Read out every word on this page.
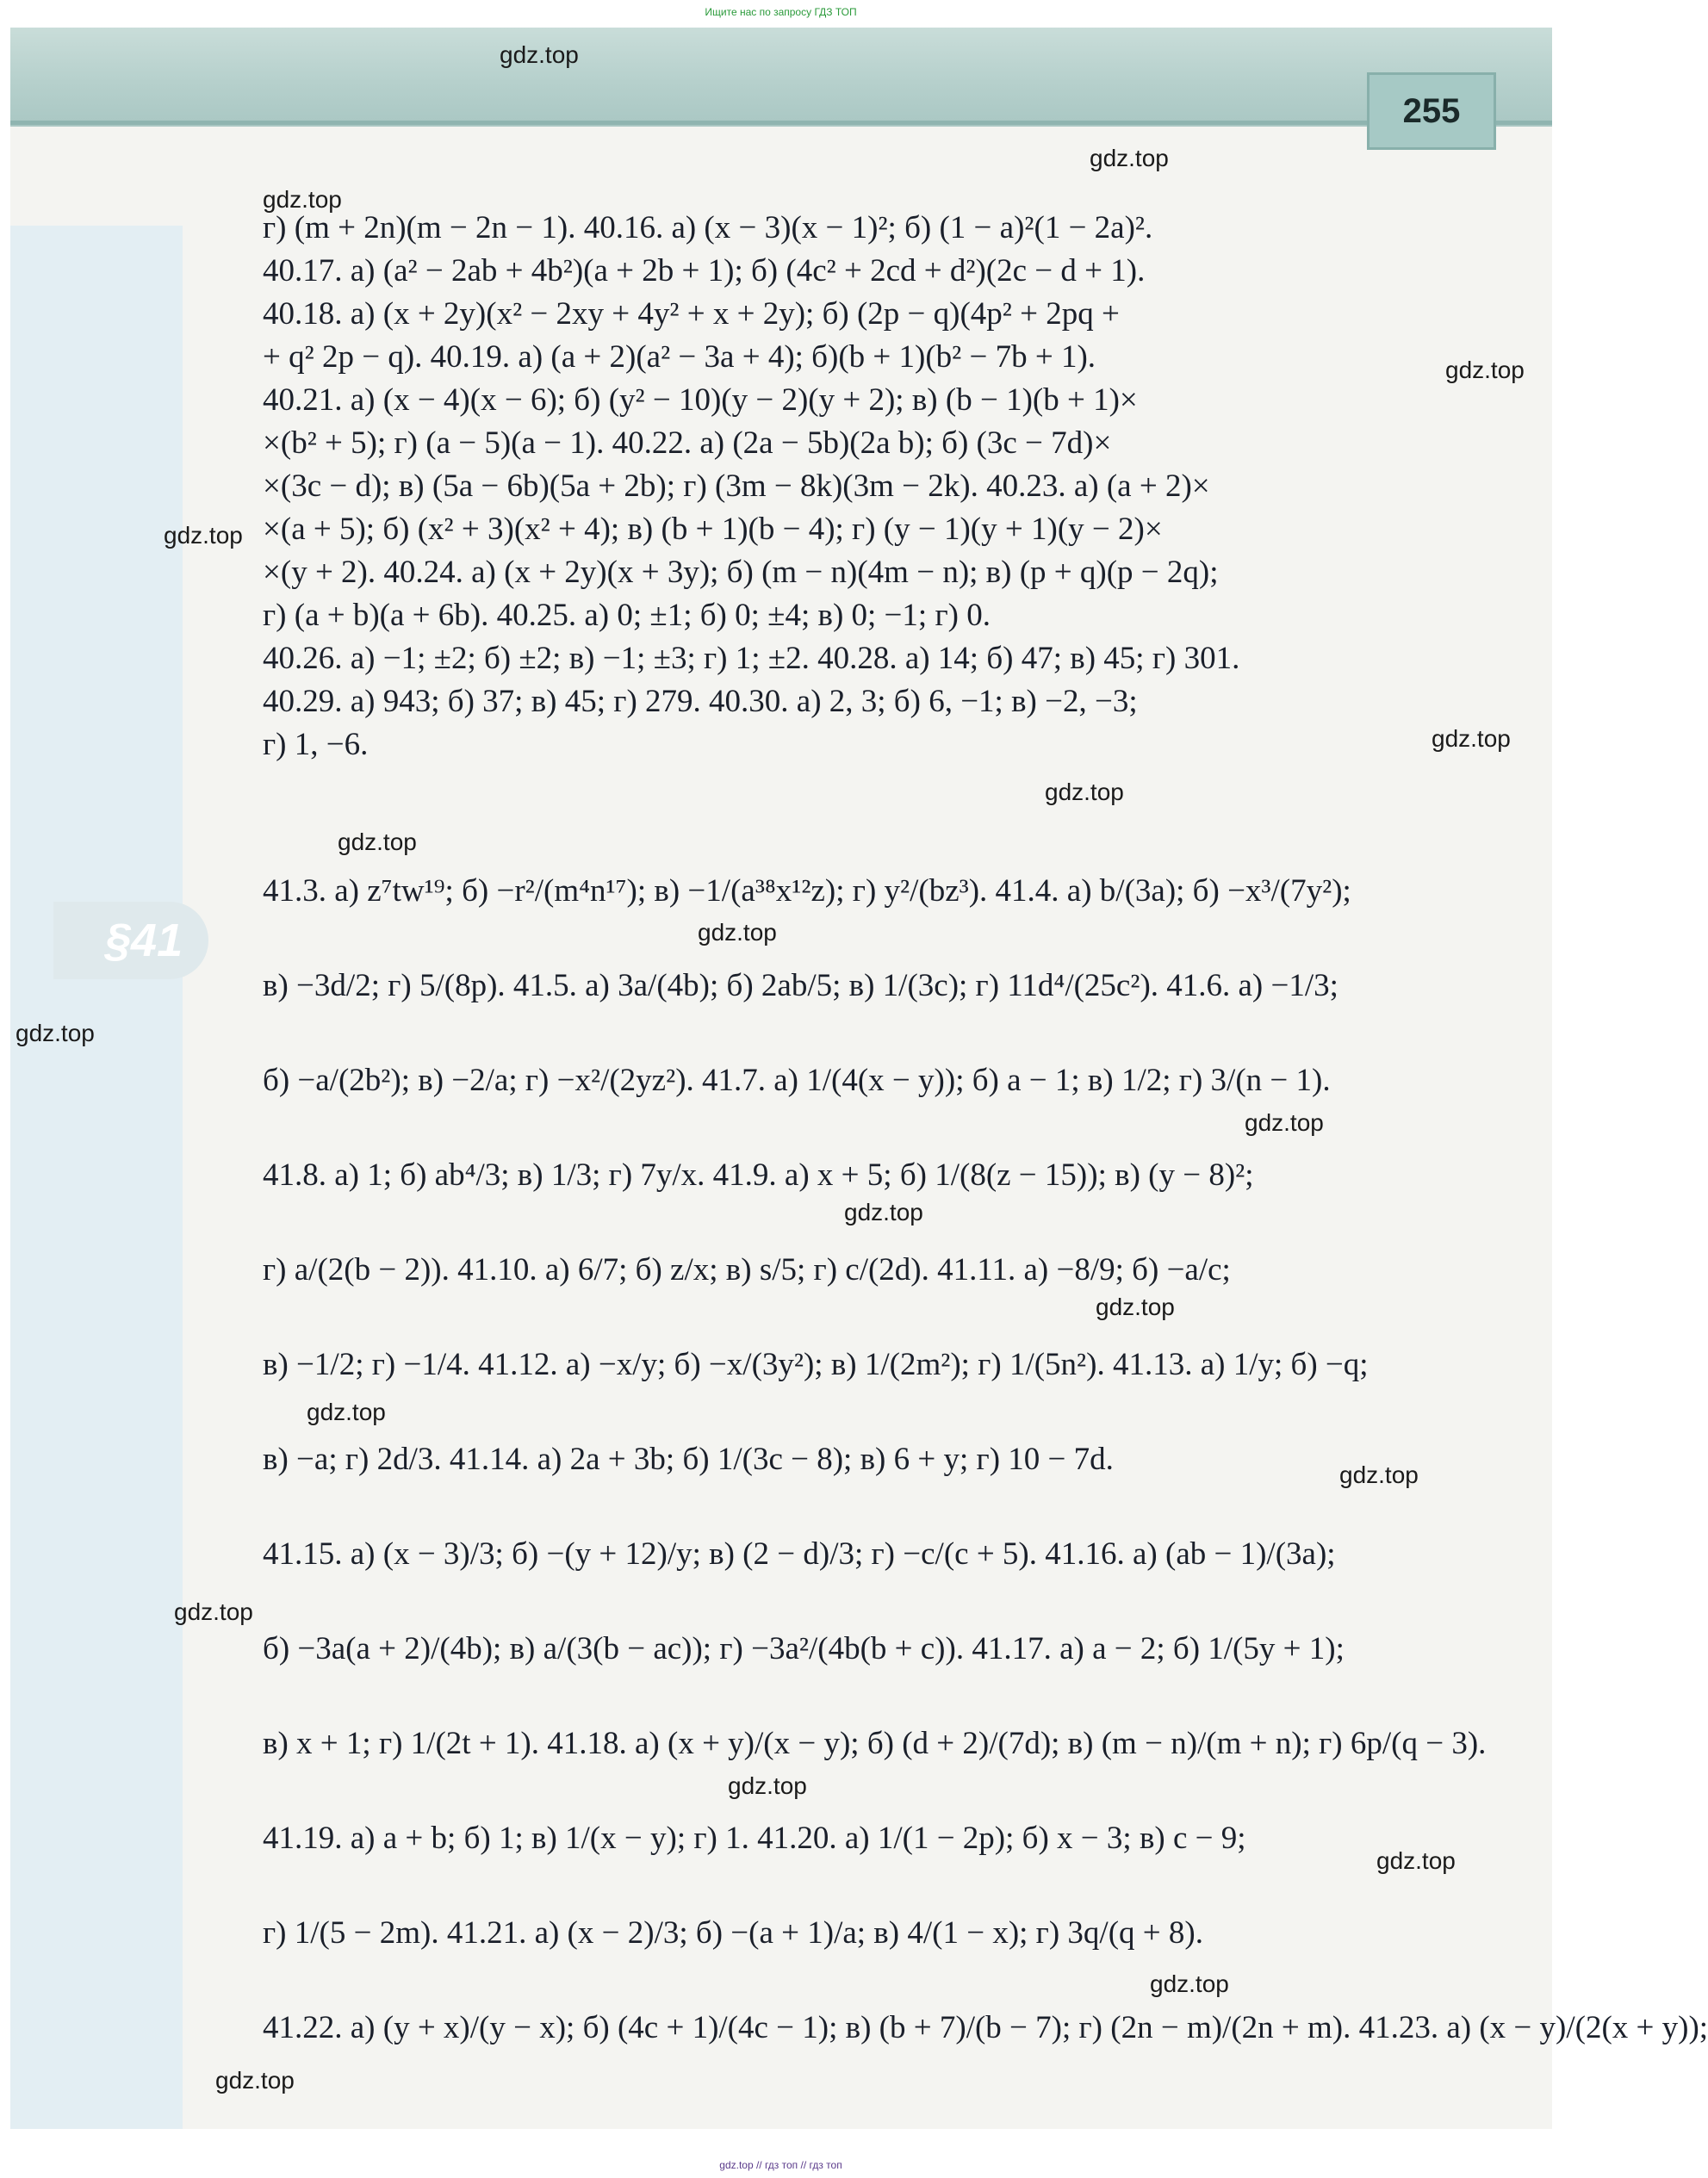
Ищите нас по запросу ГДЗ ТОП
255
§41
г) (m + 2n)(m − 2n − 1). 40.16. а) (x − 3)(x − 1)²; б) (1 − a)²(1 − 2a)².
40.17. а) (a² − 2ab + 4b²)(a + 2b + 1); б) (4c² + 2cd + d²)(2c − d + 1).
40.18. а) (x + 2y)(x² − 2xy + 4y² + x + 2y); б) (2p − q)(4p² + 2pq +
+ q² 2p − q). 40.19. а) (a + 2)(a² − 3a + 4); б)(b + 1)(b² − 7b + 1).
40.21. а) (x − 4)(x − 6); б) (y² − 10)(y − 2)(y + 2); в) (b − 1)(b + 1)×
×(b² + 5); г) (a − 5)(a − 1). 40.22. а) (2a − 5b)(2a b); б) (3c − 7d)×
×(3c − d); в) (5a − 6b)(5a + 2b); г) (3m − 8k)(3m − 2k). 40.23. а) (a + 2)×
×(a + 5); б) (x² + 3)(x² + 4); в) (b + 1)(b − 4); г) (y − 1)(y + 1)(y − 2)×
×(y + 2). 40.24. а) (x + 2y)(x + 3y); б) (m − n)(4m − n); в) (p + q)(p − 2q);
г) (a + b)(a + 6b). 40.25. а) 0; ±1; б) 0; ±4; в) 0; −1; г) 0.
40.26. а) −1; ±2; б) ±2; в) −1; ±3; г) 1; ±2. 40.28. а) 14; б) 47; в) 45; г) 301.
40.29. а) 943; б) 37; в) 45; г) 279. 40.30. а) 2, 3; б) 6, −1; в) −2, −3;
г) 1, −6.
41.3. а) z⁷tw¹⁹; б) −r²/(m⁴n¹⁷); в) −1/(a³⁸x¹²z); г) y²/(bz³). 41.4. а) b/(3a); б) −x³/(7y²);
в) −3d/2; г) 5/(8p). 41.5. а) 3a/(4b); б) 2ab/5; в) 1/(3c); г) 11d⁴/(25c²). 41.6. а) −1/3;
б) −a/(2b²); в) −2/a; г) −x²/(2yz²). 41.7. а) 1/(4(x − y)); б) a − 1; в) 1/2; г) 3/(n − 1).
41.8. а) 1; б) ab⁴/3; в) 1/3; г) 7y/x. 41.9. а) x + 5; б) 1/(8(z − 15)); в) (y − 8)²;
г) a/(2(b − 2)). 41.10. а) 6/7; б) z/x; в) s/5; г) c/(2d). 41.11. а) −8/9; б) −a/c;
в) −1/2; г) −1/4. 41.12. а) −x/y; б) −x/(3y²); в) 1/(2m²); г) 1/(5n²). 41.13. а) 1/y; б) −q;
в) −a; г) 2d/3. 41.14. а) 2a + 3b; б) 1/(3c − 8); в) 6 + y; г) 10 − 7d.
41.15. а) (x − 3)/3; б) −(y + 12)/y; в) (2 − d)/3; г) −c/(c + 5). 41.16. а) (ab − 1)/(3a);
б) −3a(a + 2)/(4b); в) a/(3(b − ac)); г) −3a²/(4b(b + c)). 41.17. а) a − 2; б) 1/(5y + 1);
в) x + 1; г) 1/(2t + 1). 41.18. а) (x + y)/(x − y); б) (d + 2)/(7d); в) (m − n)/(m + n); г) 6p/(q − 3).
41.19. а) a + b; б) 1; в) 1/(x − y); г) 1. 41.20. а) 1/(1 − 2p); б) x − 3; в) c − 9;
г) 1/(5 − 2m). 41.21. а) (x − 2)/3; б) −(a + 1)/a; в) 4/(1 − x); г) 3q/(q + 8).
41.22. а) (y + x)/(y − x); б) (4c + 1)/(4c − 1); в) (b + 7)/(b − 7); г) (2n − m)/(2n + m). 41.23. а) (x − y)/(2(x + y));
gdz.top
gdz.top
gdz.top
gdz.top
gdz.top
gdz.top
gdz.top
gdz.top
gdz.top
gdz.top
gdz.top
gdz.top
gdz.top
gdz.top
gdz.top
gdz.top
gdz.top
gdz.top
gdz.top
gdz.top
gdz.top // гдз топ // гдз топ
